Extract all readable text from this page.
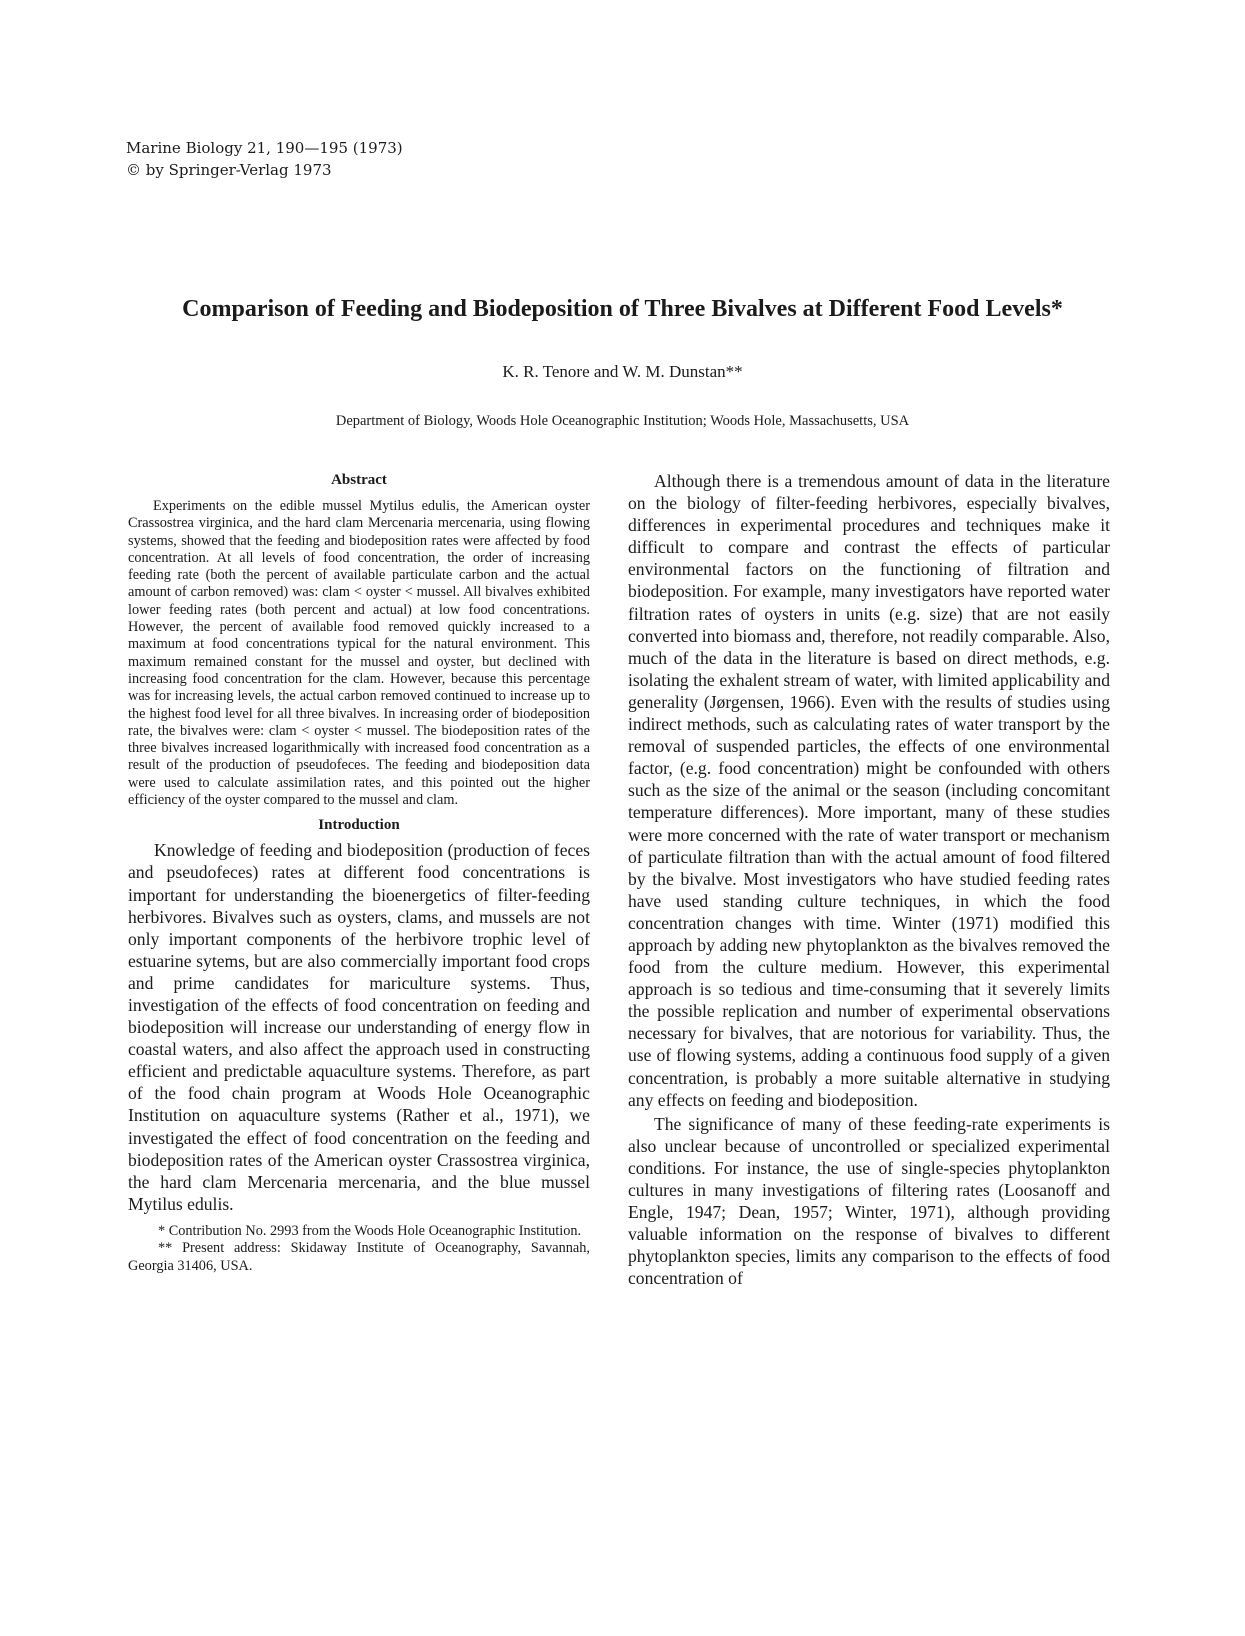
Marine Biology 21, 190—195 (1973)
© by Springer-Verlag 1973
Comparison of Feeding and Biodeposition of Three Bivalves at Different Food Levels*
K. R. Tenore and W. M. Dunstan**
Department of Biology, Woods Hole Oceanographic Institution; Woods Hole, Massachusetts, USA
Abstract

Experiments on the edible mussel Mytilus edulis, the American oyster Crassostrea virginica, and the hard clam Mercenaria mercenaria, using flowing systems, showed that the feeding and biodeposition rates were affected by food concentration. At all levels of food concentration, the order of increasing feeding rate (both the percent of available particulate carbon and the actual amount of carbon removed) was: clam < oyster < mussel. All bivalves exhibited lower feeding rates (both percent and actual) at low food concentrations. However, the percent of available food removed quickly increased to a maximum at food concentrations typical for the natural environment. This maximum remained constant for the mussel and oyster, but declined with increasing food concentration for the clam. However, because this percentage was for increasing levels, the actual carbon removed continued to increase up to the highest food level for all three bivalves. In increasing order of biodeposition rate, the bivalves were: clam < oyster < mussel. The biodeposition rates of the three bivalves increased logarithmically with increased food concentration as a result of the production of pseudofeces. The feeding and biodeposition data were used to calculate assimilation rates, and this pointed out the higher efficiency of the oyster compared to the mussel and clam.

Introduction

Knowledge of feeding and biodeposition (production of feces and pseudofeces) rates at different food concentrations is important for understanding the bioenergetics of filter-feeding herbivores. Bivalves such as oysters, clams, and mussels are not only important components of the herbivore trophic level of estuarine sytems, but are also commercially important food crops and prime candidates for mariculture systems. Thus, investigation of the effects of food concentration on feeding and biodeposition will increase our understanding of energy flow in coastal waters, and also affect the approach used in constructing efficient and predictable aquaculture systems. Therefore, as part of the food chain program at Woods Hole Oceanographic Institution on aquaculture systems (Rather et al., 1971), we investigated the effect of food concentration on the feeding and biodeposition rates of the American oyster Crassostrea virginica, the hard clam Mercenaria mercenaria, and the blue mussel Mytilus edulis.

* Contribution No. 2993 from the Woods Hole Oceanographic Institution.

** Present address: Skidaway Institute of Oceanography, Savannah, Georgia 31406, USA.

Although there is a tremendous amount of data in the literature on the biology of filter-feeding herbivores, especially bivalves, differences in experimental procedures and techniques make it difficult to compare and contrast the effects of particular environmental factors on the functioning of filtration and biodeposition. For example, many investigators have reported water filtration rates of oysters in units (e.g. size) that are not easily converted into biomass and, therefore, not readily comparable. Also, much of the data in the literature is based on direct methods, e.g. isolating the exhalent stream of water, with limited applicability and generality (Jørgensen, 1966). Even with the results of studies using indirect methods, such as calculating rates of water transport by the removal of suspended particles, the effects of one environmental factor, (e.g. food concentration) might be confounded with others such as the size of the animal or the season (including concomitant temperature differences). More important, many of these studies were more concerned with the rate of water transport or mechanism of particulate filtration than with the actual amount of food filtered by the bivalve. Most investigators who have studied feeding rates have used standing culture techniques, in which the food concentration changes with time. Winter (1971) modified this approach by adding new phytoplankton as the bivalves removed the food from the culture medium. However, this experimental approach is so tedious and time-consuming that it severely limits the possible replication and number of experimental observations necessary for bivalves, that are notorious for variability. Thus, the use of flowing systems, adding a continuous food supply of a given concentration, is probably a more suitable alternative in studying any effects on feeding and biodeposition.

The significance of many of these feeding-rate experiments is also unclear because of uncontrolled or specialized experimental conditions. For instance, the use of single-species phytoplankton cultures in many investigations of filtering rates (Loosanoff and Engle, 1947; Dean, 1957; Winter, 1971), although providing valuable information on the response of bivalves to different phytoplankton species, limits any comparison to the effects of food concentration of
